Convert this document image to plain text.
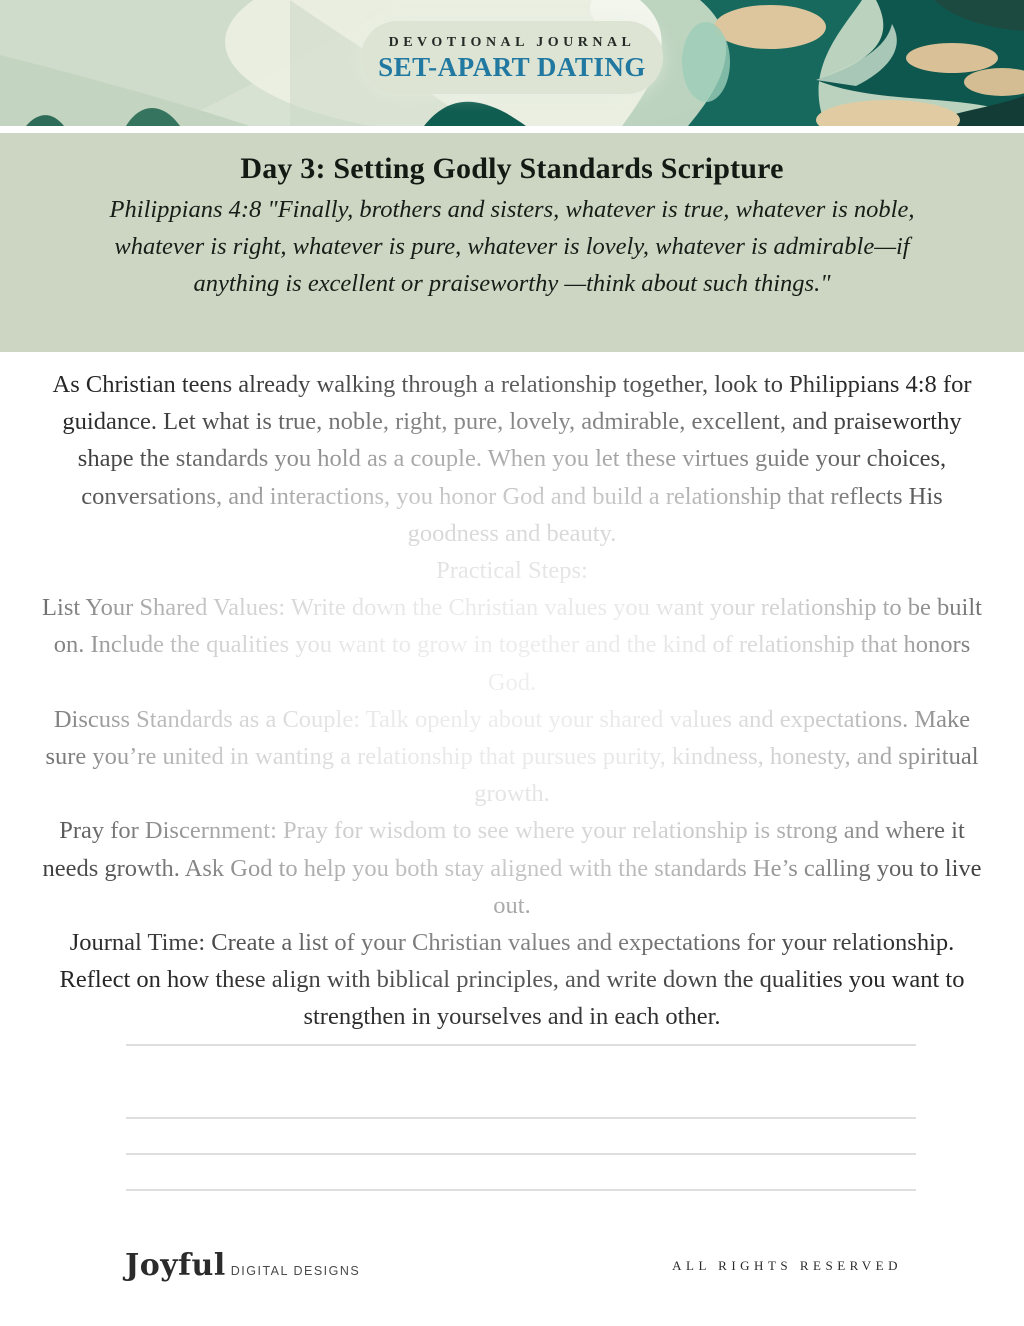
DEVOTIONAL JOURNAL
SET-APART DATING
Day 3: Setting Godly Standards Scripture
Philippians 4:8 "Finally, brothers and sisters, whatever is true, whatever is noble, whatever is right, whatever is pure, whatever is lovely, whatever is admirable—if anything is excellent or praiseworthy —think about such things."

As Christian teens already walking through a relationship together, look to Philippians 4:8 for guidance. Let what is true, noble, right, pure, lovely, admirable, excellent, and praiseworthy shape the standards you hold as a couple. When you let these virtues guide your choices, conversations, and interactions, you honor God and build a relationship that reflects His goodness and beauty.

Practical Steps:

List Your Shared Values: Write down the Christian values you want your relationship to be built on. Include the qualities you want to grow in together and the kind of relationship that honors God.

Discuss Standards as a Couple: Talk openly about your shared values and expectations. Make sure you’re united in wanting a relationship that pursues purity, kindness, honesty, and spiritual growth.

Pray for Discernment: Pray for wisdom to see where your relationship is strong and where it needs growth. Ask God to help you both stay aligned with the standards He’s calling you to live out.

Journal Time: Create a list of your Christian values and expectations for your relationship. Reflect on how these align with biblical principles, and write down the qualities you want to strengthen in yourselves and in each other.

Joyful DIGITAL DESIGNS	ALL RIGHTS RESERVED
